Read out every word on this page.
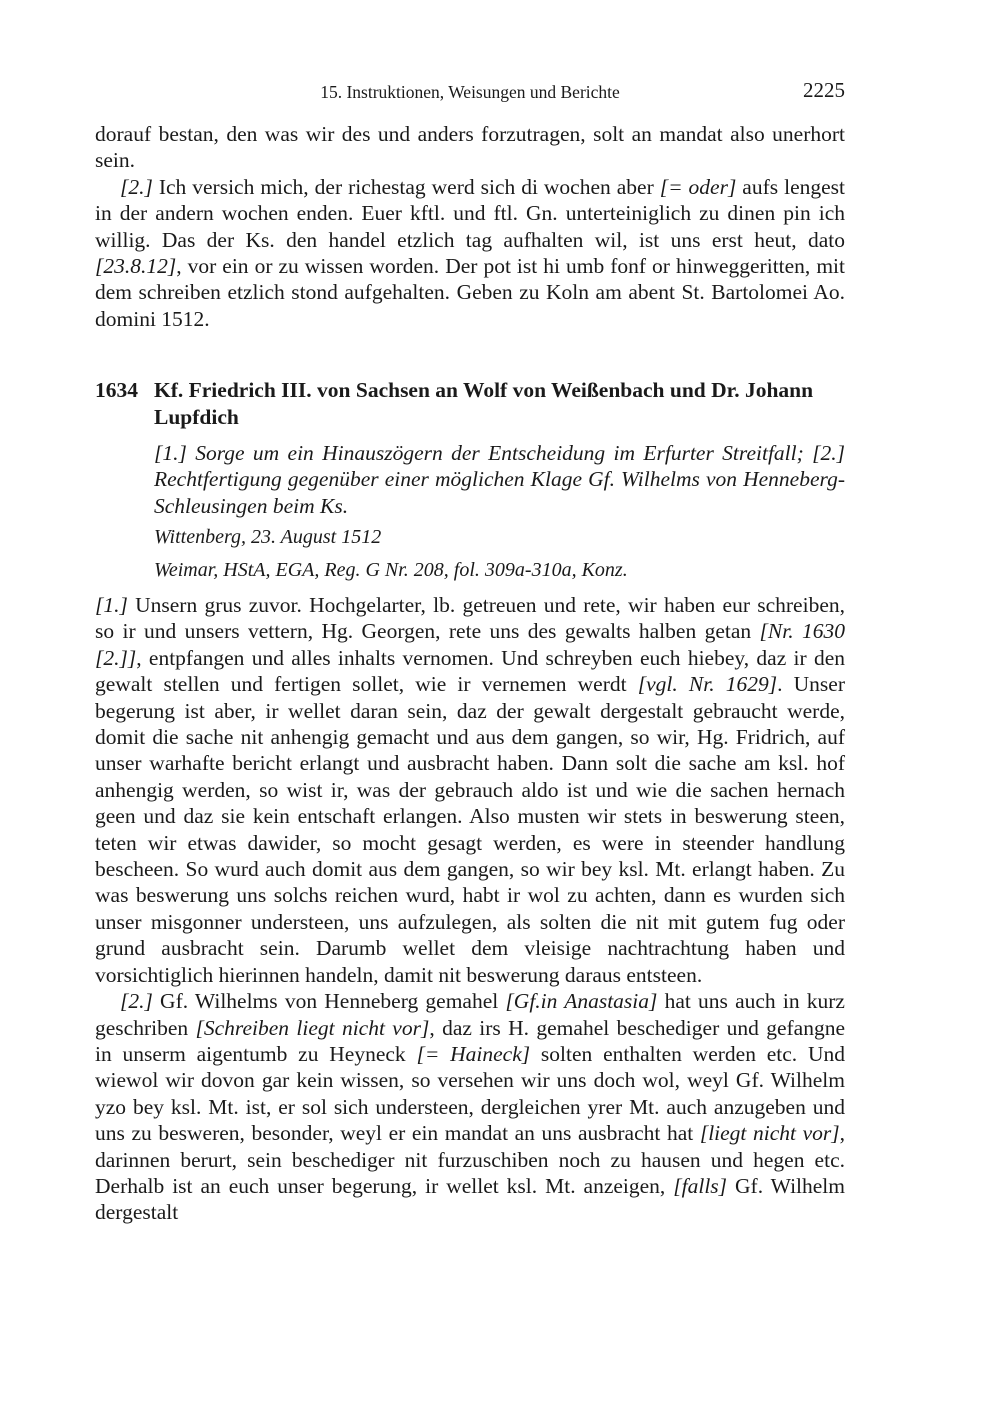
15. Instruktionen, Weisungen und Berichte	2225

dorauf bestan, den was wir des und anders forzutragen, solt an mandat also unerhort sein.

[2.] Ich versich mich, der richestag werd sich di wochen aber [= oder] aufs lengest in der andern wochen enden. Euer kftl. und ftl. Gn. unterteiniglich zu dinen pin ich willig. Das der Ks. den handel etzlich tag aufhalten wil, ist uns erst heut, dato [23.8.12], vor ein or zu wissen worden. Der pot ist hi umb fonf or hinweggeritten, mit dem schreiben etzlich stond aufgehalten. Geben zu Koln am abent St. Bartolomei Ao. domini 1512.

1634 Kf. Friedrich III. von Sachsen an Wolf von Weißenbach und Dr. Johann Lupfdich
[1.] Sorge um ein Hinauszögern der Entscheidung im Erfurter Streitfall; [2.] Rechtfertigung gegenüber einer möglichen Klage Gf. Wilhelms von Henneberg-Schleusingen beim Ks.
Wittenberg, 23. August 1512
Weimar, HStA, EGA, Reg. G Nr. 208, fol. 309a-310a, Konz.

[1.] Unsern grus zuvor. Hochgelarter, lb. getreuen und rete, wir haben eur schreiben, so ir und unsers vettern, Hg. Georgen, rete uns des gewalts halben getan [Nr. 1630 [2.]], entpfangen und alles inhalts vernomen. Und schreyben euch hiebey, daz ir den gewalt stellen und fertigen sollet, wie ir vernemen werdt [vgl. Nr. 1629]. Unser begerung ist aber, ir wellet daran sein, daz der gewalt dergestalt gebraucht werde, domit die sache nit anhengig gemacht und aus dem gangen, so wir, Hg. Fridrich, auf unser warhafte bericht erlangt und ausbracht haben. Dann solt die sache am ksl. hof anhengig werden, so wist ir, was der gebrauch aldo ist und wie die sachen hernach geen und daz sie kein entschaft erlangen. Also musten wir stets in beswerung steen, teten wir etwas dawider, so mocht gesagt werden, es were in steender handlung bescheen. So wurd auch domit aus dem gangen, so wir bey ksl. Mt. erlangt haben. Zu was beswerung uns solchs reichen wurd, habt ir wol zu achten, dann es wurden sich unser misgonner understeen, uns aufzulegen, als solten die nit mit gutem fug oder grund ausbracht sein. Darumb wellet dem vleisige nachtrachtung haben und vorsichtiglich hierinnen handeln, damit nit beswerung daraus entsteen.

[2.] Gf. Wilhelms von Henneberg gemahel [Gf.in Anastasia] hat uns auch in kurz geschriben [Schreiben liegt nicht vor], daz irs H. gemahel beschediger und gefangne in unserm aigentumb zu Heyneck [= Haineck] solten enthalten werden etc. Und wiewol wir dovon gar kein wissen, so versehen wir uns doch wol, weyl Gf. Wilhelm yzo bey ksl. Mt. ist, er sol sich understeen, dergleichen yrer Mt. auch anzugeben und uns zu besweren, besonder, weyl er ein mandat an uns ausbracht hat [liegt nicht vor], darinnen berurt, sein beschediger nit furzuschiben noch zu hausen und hegen etc. Derhalb ist an euch unser begerung, ir wellet ksl. Mt. anzeigen, [falls] Gf. Wilhelm dergestalt
